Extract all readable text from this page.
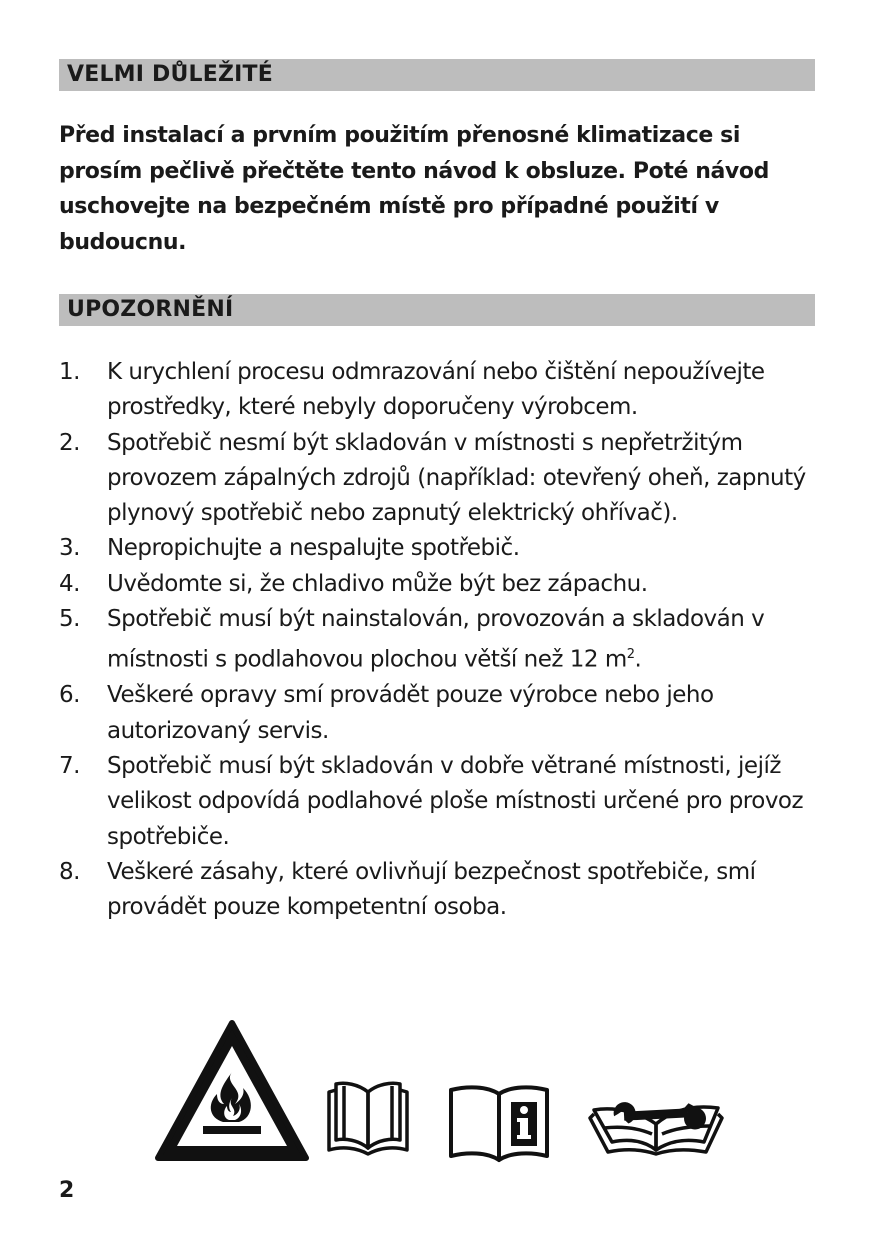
VELMI DŮLEŽITÉ

Před instalací a prvním použitím přenosné klimatizace si prosím pečlivě přečtěte tento návod k obsluze. Poté návod uschovejte na bezpečném místě pro případné použití v budoucnu.

UPOZORNĚNÍ
1. K urychlení procesu odmrazování nebo čištění nepoužívejte prostředky, které nebyly doporučeny výrobcem.
2. Spotřebič nesmí být skladován v místnosti s nepřetržitým provozem zápalných zdrojů (například: otevřený oheň, zapnutý plynový spotřebič nebo zapnutý elektrický ohřívač).
3. Nepropichujte a nespalujte spotřebič.
4. Uvědomte si, že chladivo může být bez zápachu.
5. Spotřebič musí být nainstalován, provozován a skladován v místnosti s podlahovou plochou větší než 12 $m^2$.
6. Veškeré opravy smí provádět pouze výrobce nebo jeho autorizovaný servis.
7. Spotřebič musí být skladován v dobře větrané místnosti, jejíž velikost odpovídá podlahové ploše místnosti určené pro provoz spotřebiče.
8. Veškeré zásahy, které ovlivňují bezpečnost spotřebiče, smí provádět pouze kompetentní osoba.
2
